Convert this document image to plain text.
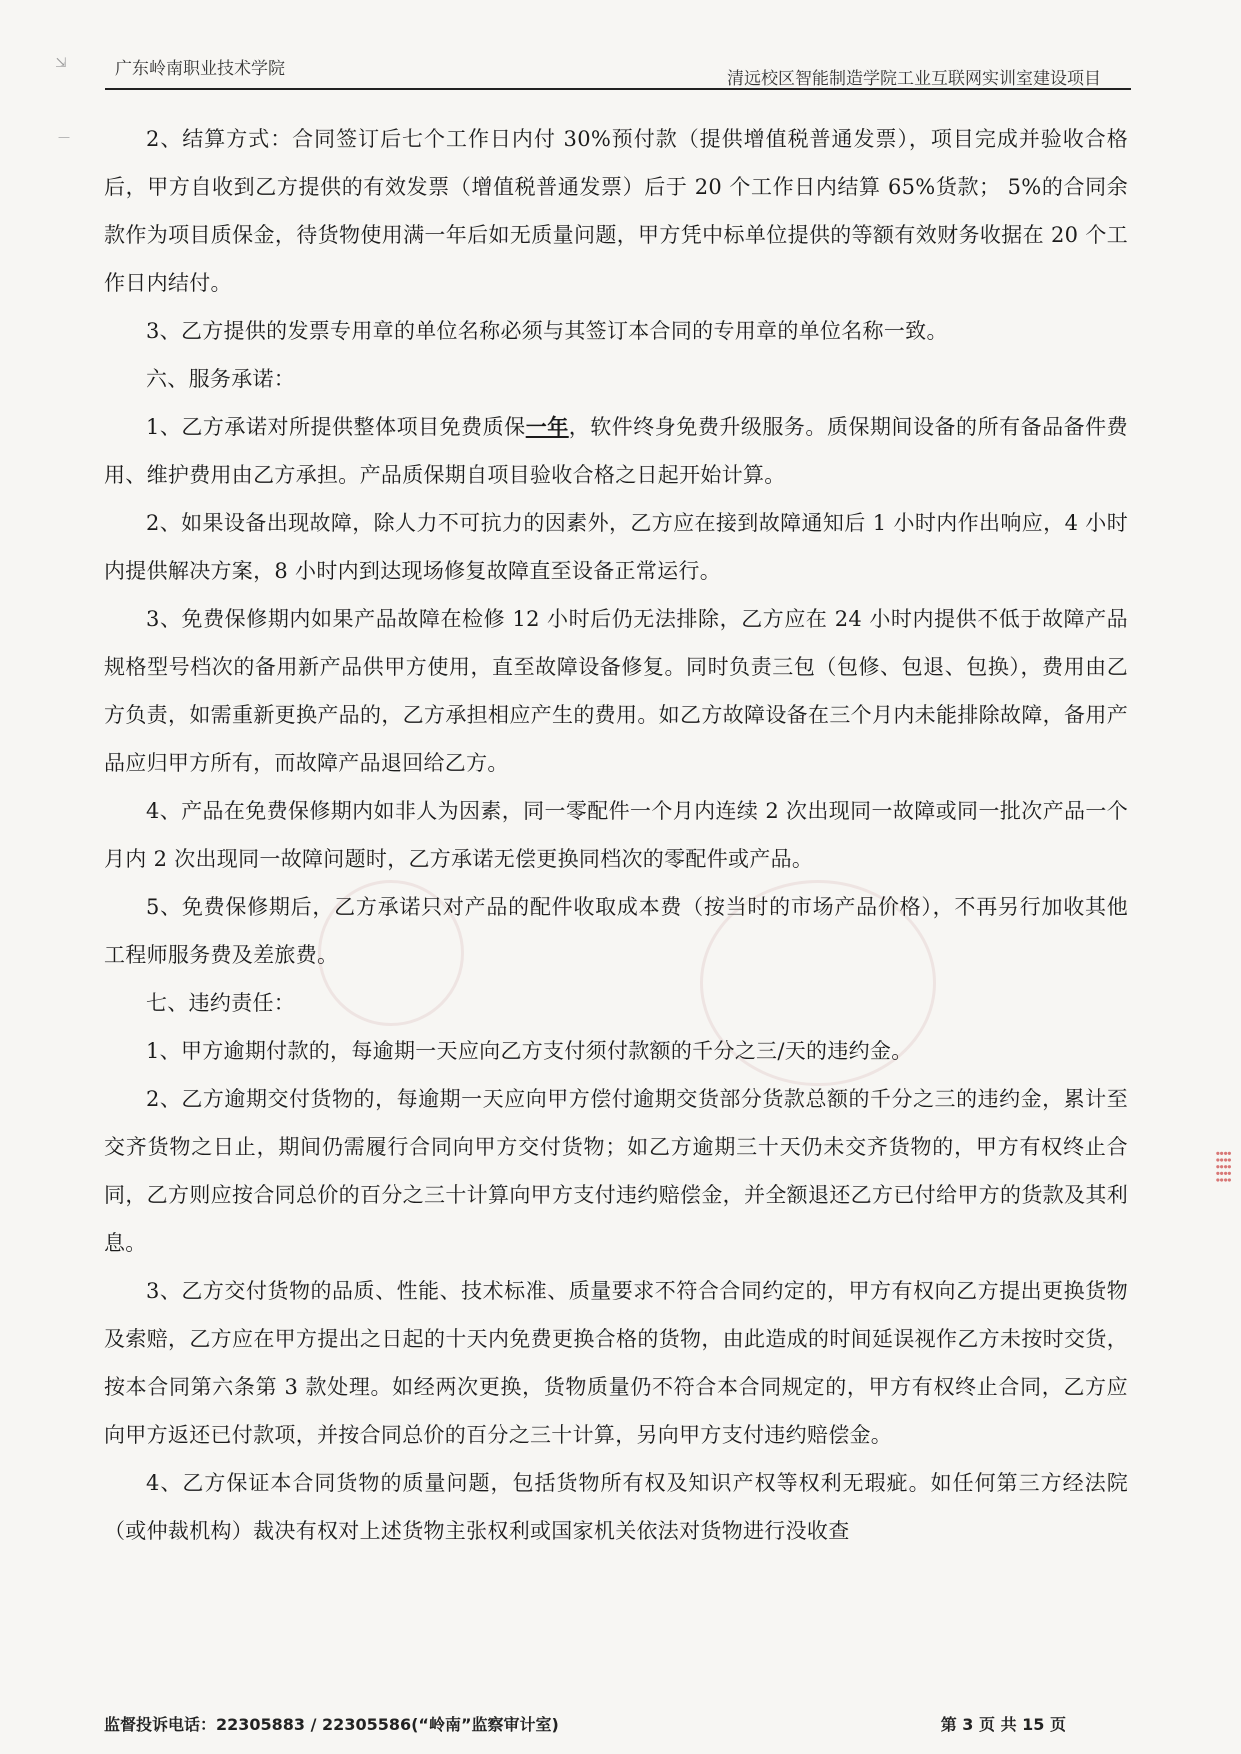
⇲
—
广东岭南职业技术学院	清远校区智能制造学院工业互联网实训室建设项目
⁞⁞⁞⁞⁞

2、结算方式：合同签订后七个工作日内付 30%预付款（提供增值税普通发票），项目完成并验收合格后，甲方自收到乙方提供的有效发票（增值税普通发票）后于 20 个工作日内结算 65%货款； 5%的合同余款作为项目质保金，待货物使用满一年后如无质量问题，甲方凭中标单位提供的等额有效财务收据在 20 个工作日内结付。

3、乙方提供的发票专用章的单位名称必须与其签订本合同的专用章的单位名称一致。

六、服务承诺：

1、乙方承诺对所提供整体项目免费质保一年，软件终身免费升级服务。质保期间设备的所有备品备件费用、维护费用由乙方承担。产品质保期自项目验收合格之日起开始计算。

2、如果设备出现故障，除人力不可抗力的因素外，乙方应在接到故障通知后 1 小时内作出响应，4 小时内提供解决方案，8 小时内到达现场修复故障直至设备正常运行。

3、免费保修期内如果产品故障在检修 12 小时后仍无法排除，乙方应在 24 小时内提供不低于故障产品规格型号档次的备用新产品供甲方使用，直至故障设备修复。同时负责三包（包修、包退、包换），费用由乙方负责，如需重新更换产品的，乙方承担相应产生的费用。如乙方故障设备在三个月内未能排除故障，备用产品应归甲方所有，而故障产品退回给乙方。

4、产品在免费保修期内如非人为因素，同一零配件一个月内连续 2 次出现同一故障或同一批次产品一个月内 2 次出现同一故障问题时，乙方承诺无偿更换同档次的零配件或产品。

5、免费保修期后，乙方承诺只对产品的配件收取成本费（按当时的市场产品价格），不再另行加收其他工程师服务费及差旅费。

七、违约责任：

1、甲方逾期付款的，每逾期一天应向乙方支付须付款额的千分之三/天的违约金。

2、乙方逾期交付货物的，每逾期一天应向甲方偿付逾期交货部分货款总额的千分之三的违约金，累计至交齐货物之日止，期间仍需履行合同向甲方交付货物；如乙方逾期三十天仍未交齐货物的，甲方有权终止合同，乙方则应按合同总价的百分之三十计算向甲方支付违约赔偿金，并全额退还乙方已付给甲方的货款及其利息。

3、乙方交付货物的品质、性能、技术标准、质量要求不符合合同约定的，甲方有权向乙方提出更换货物及索赔，乙方应在甲方提出之日起的十天内免费更换合格的货物，由此造成的时间延误视作乙方未按时交货，按本合同第六条第 3 款处理。如经两次更换，货物质量仍不符合本合同规定的，甲方有权终止合同，乙方应向甲方返还已付款项，并按合同总价的百分之三十计算，另向甲方支付违约赔偿金。

4、乙方保证本合同货物的质量问题，包括货物所有权及知识产权等权利无瑕疵。如任何第三方经法院（或仲裁机构）裁决有权对上述货物主张权利或国家机关依法对货物进行没收查

监督投诉电话：22305883 / 22305586(“岭南”监察审计室)	第 3 页 共 15 页
